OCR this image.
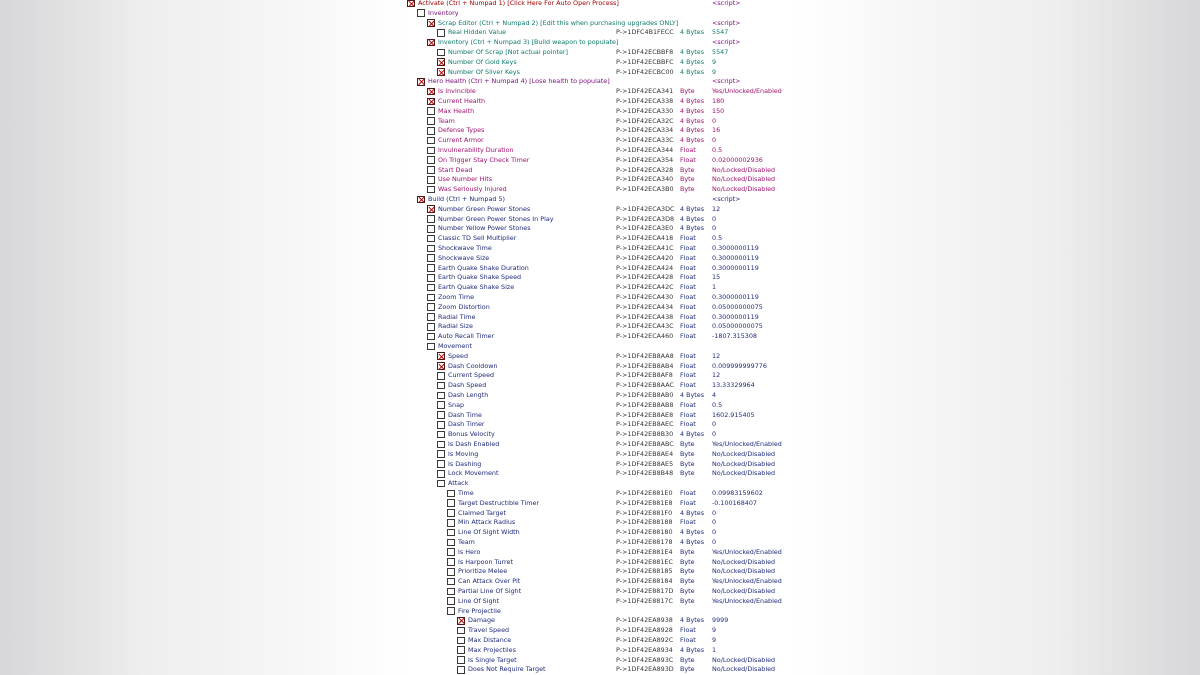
Activate (Ctrl + Numpad 1) [Click Here For Auto Open Process]	<script>
Inventory
Scrap Editor (Ctrl + Numpad 2) [Edit this when purchasing upgrades ONLY]	<script>
Real Hidden Value	P->1DFC4B1FECC 4 Bytes 5547
Inventory (Ctrl + Numpad 3) [Build weapon to populate]	<script>
Number Of Scrap [Not actual pointer]	P->1DF42ECBBF8 4 Bytes 5547
Number Of Gold Keys	P->1DF42ECBBFC 4 Bytes 9
Number Of Silver Keys	P->1DF42ECBC00 4 Bytes 9
Hero Health (Ctrl + Numpad 4) [Lose health to populate]	<script>
Is Invincible	P->1DF42ECA341 Byte	Yes/Unlocked/Enabled
Current Health	P->1DF42ECA338 4 Bytes 180
Max Health	P->1DF42ECA330 4 Bytes 150
Team	P->1DF42ECA32C 4 Bytes 0
Defense Types	P->1DF42ECA334 4 Bytes 16
Current Armor	P->1DF42ECA33C 4 Bytes 0
Invulnerability Duration	P->1DF42ECA344 Float	0.5
On Trigger Stay Check Timer	P->1DF42ECA354 Float	0.02000002936
Start Dead	P->1DF42ECA328 Byte	No/Locked/Disabled
Use Number Hits	P->1DF42ECA340 Byte	No/Locked/Disabled
Was Seriously Injured	P->1DF42ECA3B0 Byte	No/Locked/Disabled
Build (Ctrl + Numpad 5)	<script>
Number Green Power Stones	P->1DF42ECA3DC 4 Bytes 12
Number Green Power Stones In Play	P->1DF42ECA3D8 4 Bytes 0
Number Yellow Power Stones	P->1DF42ECA3E0 4 Bytes 0
Classic TD Sell Multiplier	P->1DF42ECA418 Float	0.5
Shockwave Time	P->1DF42ECA41C Float	0.3000000119
Shockwave Size	P->1DF42ECA420 Float	0.3000000119
Earth Quake Shake Duration	P->1DF42ECA424 Float	0.3000000119
Earth Quake Shake Speed	P->1DF42ECA428 Float	15
Earth Quake Shake Size	P->1DF42ECA42C Float	1
Zoom Time	P->1DF42ECA430 Float	0.3000000119
Zoom Distortion	P->1DF42ECA434 Float	0.05000000075
Radial Time	P->1DF42ECA438 Float	0.3000000119
Radial Size	P->1DF42ECA43C Float	0.05000000075
Auto Recall Timer	P->1DF42ECA460 Float	-1807.315308
Movement
Speed	P->1DF42EB8AA8 Float	12
Dash Cooldown	P->1DF42EB8AB4 Float	0.009999999776
Current Speed	P->1DF42EB8AF8 Float	12
Dash Speed	P->1DF42EB8AAC Float	13.33329964
Dash Length	P->1DF42EB8AB0 4 Bytes 4
Snap	P->1DF42EB8AB8 Float	0.5
Dash Time	P->1DF42EB8AE8 Float	1602.915405
Dash Timer	P->1DF42EB8AEC Float	0
Bonus Velocity	P->1DF42EB8B30 4 Bytes 0
Is Dash Enabled	P->1DF42EB8ABC Byte	Yes/Unlocked/Enabled
Is Moving	P->1DF42EB8AE4 Byte	No/Locked/Disabled
Is Dashing	P->1DF42EB8AE5 Byte	No/Locked/Disabled
Lock Movement	P->1DF42EB8B48 Byte	No/Locked/Disabled
Attack
Time	P->1DF42E881E0 Float	0.09983159602
Target Destructible Timer	P->1DF42E881E8 Float	-0.100168407
Claimed Target	P->1DF42E881F0 4 Bytes 0
Min Attack Radius	P->1DF42E88188 Float	0
Line Of Sight Width	P->1DF42E88180 4 Bytes 0
Team	P->1DF42E88178 4 Bytes 0
Is Hero	P->1DF42E881E4 Byte	Yes/Unlocked/Enabled
Is Harpoon Turret	P->1DF42E881EC Byte	No/Locked/Disabled
Prioritize Melee	P->1DF42E88185 Byte	No/Locked/Disabled
Can Attack Over Pit	P->1DF42E88184 Byte	Yes/Unlocked/Enabled
Partial Line Of Sight	P->1DF42E8817D Byte	No/Locked/Disabled
Line Of Sight	P->1DF42E8817C Byte	Yes/Unlocked/Enabled
Fire Projectile
Damage	P->1DF42EA8938 4 Bytes 9999
Travel Speed	P->1DF42EA8928 Float	9
Max Distance	P->1DF42EA892C Float	9
Max Projectiles	P->1DF42EA8934 4 Bytes 1
Is Single Target	P->1DF42EA893C Byte	No/Locked/Disabled
Does Not Require Target	P->1DF42EA893D Byte	No/Locked/Disabled
